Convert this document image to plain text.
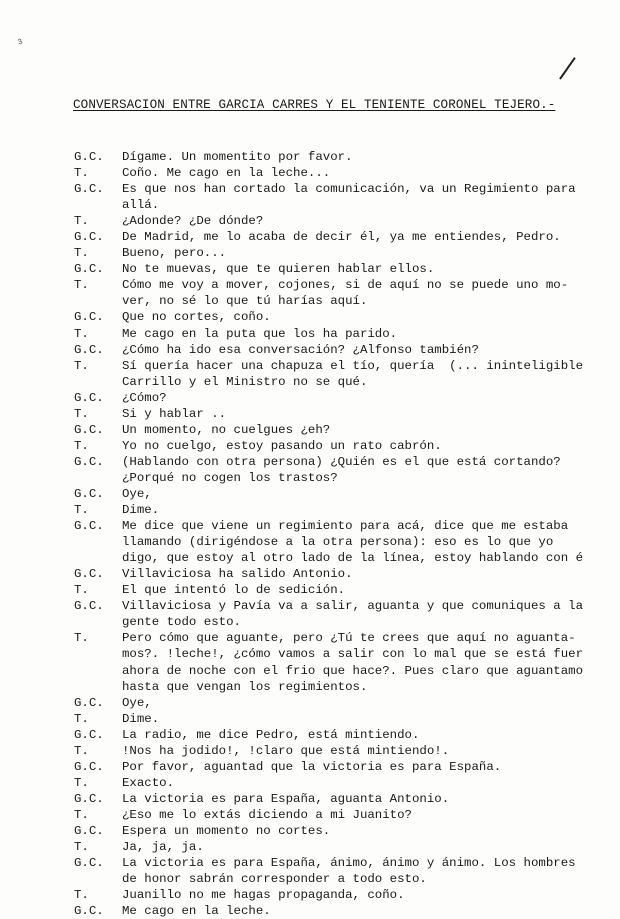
3
CONVERSACION ENTRE GARCIA CARRES Y EL TENIENTE CORONEL TEJERO.-
G.C.	Dígame. Un momentito por favor.
T.	Coño. Me cago en la leche...
G.C.	Es que nos han cortado la comunicación, va un Regimiento para
allá.
T.	¿Adonde? ¿De dónde?
G.C.	De Madrid, me lo acaba de decir él, ya me entiendes, Pedro.
T.	Bueno, pero...
G.C.	No te muevas, que te quieren hablar ellos.
T.	Cómo me voy a mover, cojones, si de aquí no se puede uno mo-
ver, no sé lo que tú harías aquí.
G.C.	Que no cortes, coño.
T.	Me cago en la puta que los ha parido.
G.C.	¿Cómo ha ido esa conversación? ¿Alfonso también?
T.	Sí quería hacer una chapuza el tío, quería  (... ininteligible
Carrillo y el Ministro no se qué.
G.C.	¿Cómo?
T.	Si y hablar ..
G.C.	Un momento, no cuelgues ¿eh?
T.	Yo no cuelgo, estoy pasando un rato cabrón.
G.C.	(Hablando con otra persona) ¿Quién es el que está cortando?
¿Porqué no cogen los trastos?
G.C.	Oye,
T.	Dime.
G.C.	Me dice que viene un regimiento para acá, dice que me estaba
llamando (dirigéndose a la otra persona): eso es lo que yo
digo, que estoy al otro lado de la línea, estoy hablando con é
G.C.	Villaviciosa ha salido Antonio.
T.	El que intentó lo de sedición.
G.C.	Villaviciosa y Pavía va a salir, aguanta y que comuniques a la
gente todo esto.
T.	Pero cómo que aguante, pero ¿Tú te crees que aquí no aguanta-
mos?. !leche!, ¿cómo vamos a salir con lo mal que se está fuer
ahora de noche con el frio que hace?. Pues claro que aguantamo
hasta que vengan los regimientos.
G.C.	Oye,
T.	Dime.
G.C.	La radio, me dice Pedro, está mintiendo.
T.	!Nos ha jodido!, !claro que está mintiendo!.
G.C.	Por favor, aguantad que la victoria es para España.
T.	Exacto.
G.C.	La victoria es para España, aguanta Antonio.
T.	¿Eso me lo extás diciendo a mi Juanito?
G.C.	Espera un momento no cortes.
T.	Ja, ja, ja.
G.C.	La victoria es para España, ánimo, ánimo y ánimo. Los hombres
de honor sabrán corresponder a todo esto.
T.	Juanillo no me hagas propaganda, coño.
G.C.	Me cago en la leche.
